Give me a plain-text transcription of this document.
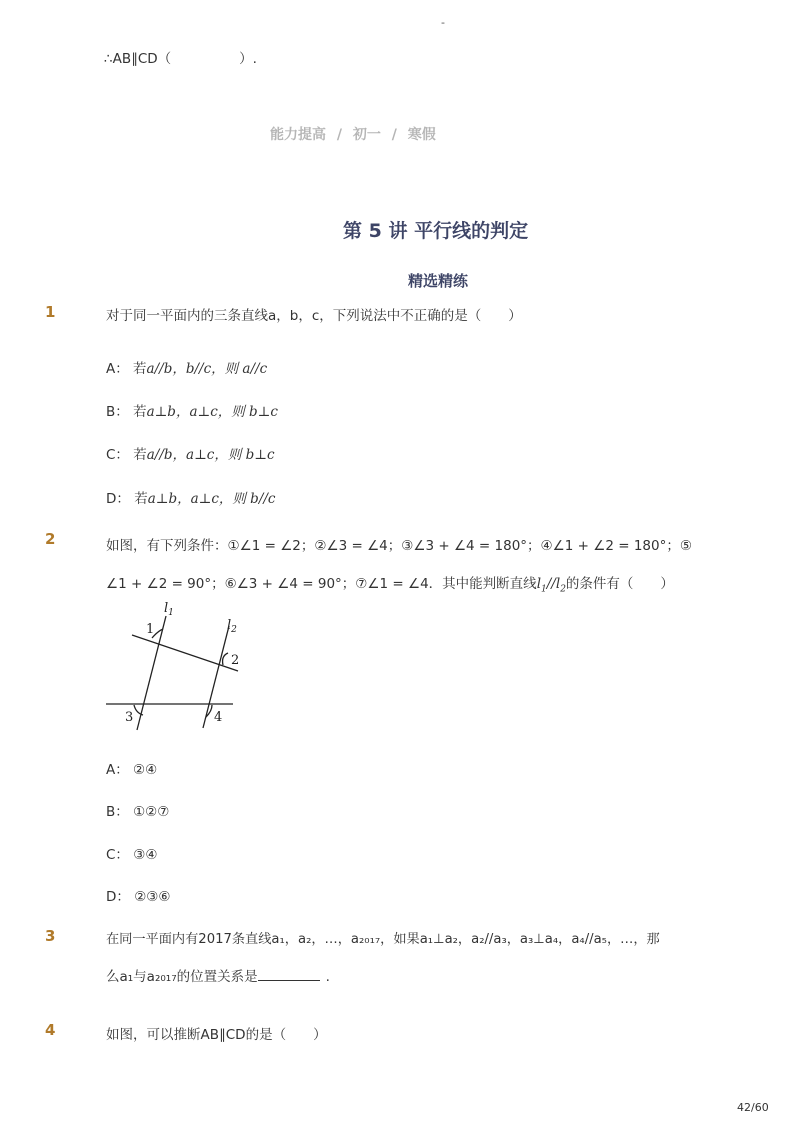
-
∴AB∥CD（	）.
能力提高 / 初一 / 寒假
第 5 讲 平行线的判定
精选精练
1	对于同一平面内的三条直线a，b，c，下列说法中不正确的是（　　）
A： 若a//b，b//c，则 a//c
B： 若a⊥b，a⊥c，则 b⊥c
C： 若a//b，a⊥c，则 b⊥c
D： 若a⊥b，a⊥c，则 b//c
2	如图，有下列条件：①∠1 = ∠2；②∠3 = ∠4；③∠3 + ∠4 = 180°；④∠1 + ∠2 = 180°；⑤
∠1 + ∠2 = 90°；⑥∠3 + ∠4 = 90°；⑦∠1 = ∠4．其中能判断直线$l_1//l_2$的条件有（　　）
$l_1$
$l_2$
1
2
3	4
A： ②④
B： ①②⑦
C： ③④
D： ②③⑥
3	在同一平面内有2017条直线a₁，a₂，…，a₂₀₁₇，如果a₁⊥a₂，a₂//a₃，a₃⊥a₄，a₄//a₅，…，那
么a₁与a₂₀₁₇的位置关系是	.
4	如图，可以推断AB∥CD的是（　　）
42/60
